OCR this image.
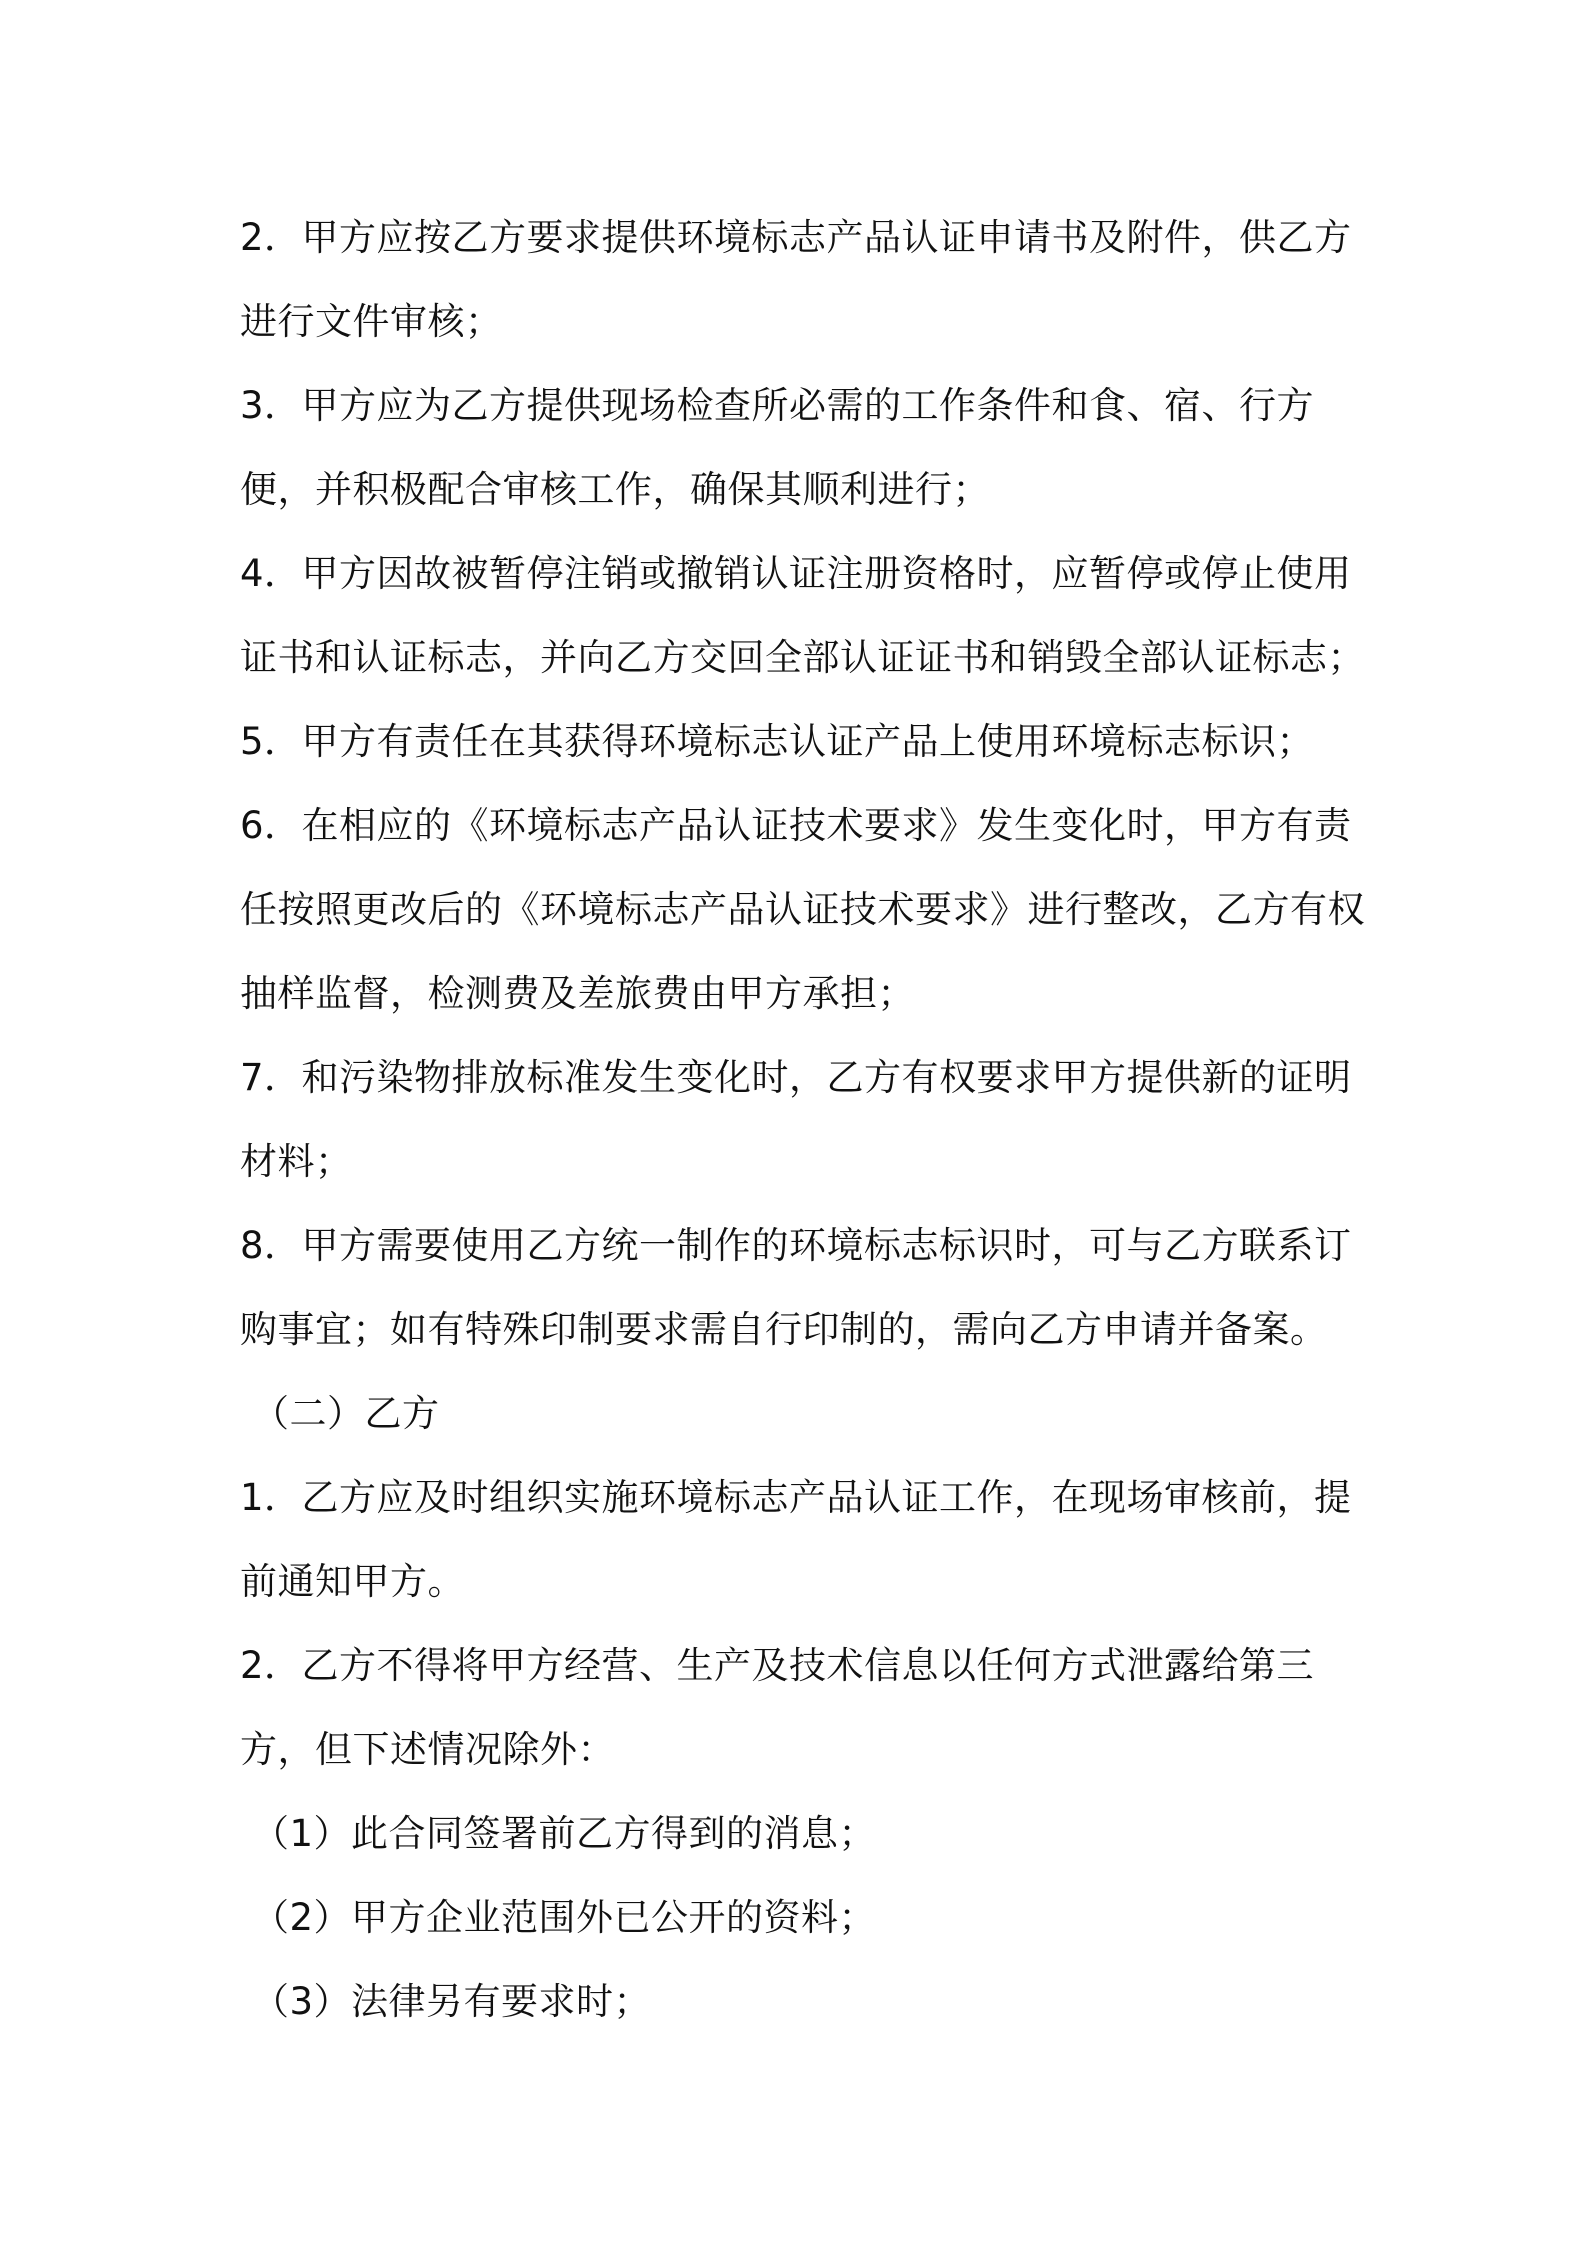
2．甲方应按乙方要求提供环境标志产品认证申请书及附件，供乙方进行文件审核；

3．甲方应为乙方提供现场检查所必需的工作条件和食、宿、行方便，并积极配合审核工作，确保其顺利进行；

4．甲方因故被暂停注销或撤销认证注册资格时，应暂停或停止使用证书和认证标志，并向乙方交回全部认证证书和销毁全部认证标志；

5．甲方有责任在其获得环境标志认证产品上使用环境标志标识；

6．在相应的《环境标志产品认证技术要求》发生变化时，甲方有责任按照更改后的《环境标志产品认证技术要求》进行整改，乙方有权抽样监督，检测费及差旅费由甲方承担；

7．和污染物排放标准发生变化时，乙方有权要求甲方提供新的证明材料；

8．甲方需要使用乙方统一制作的环境标志标识时，可与乙方联系订购事宜；如有特殊印制要求需自行印制的，需向乙方申请并备案。

（二）乙方

1．乙方应及时组织实施环境标志产品认证工作，在现场审核前，提前通知甲方。

2．乙方不得将甲方经营、生产及技术信息以任何方式泄露给第三方，但下述情况除外：

（1）此合同签署前乙方得到的消息；

（2）甲方企业范围外已公开的资料；

（3）法律另有要求时；
